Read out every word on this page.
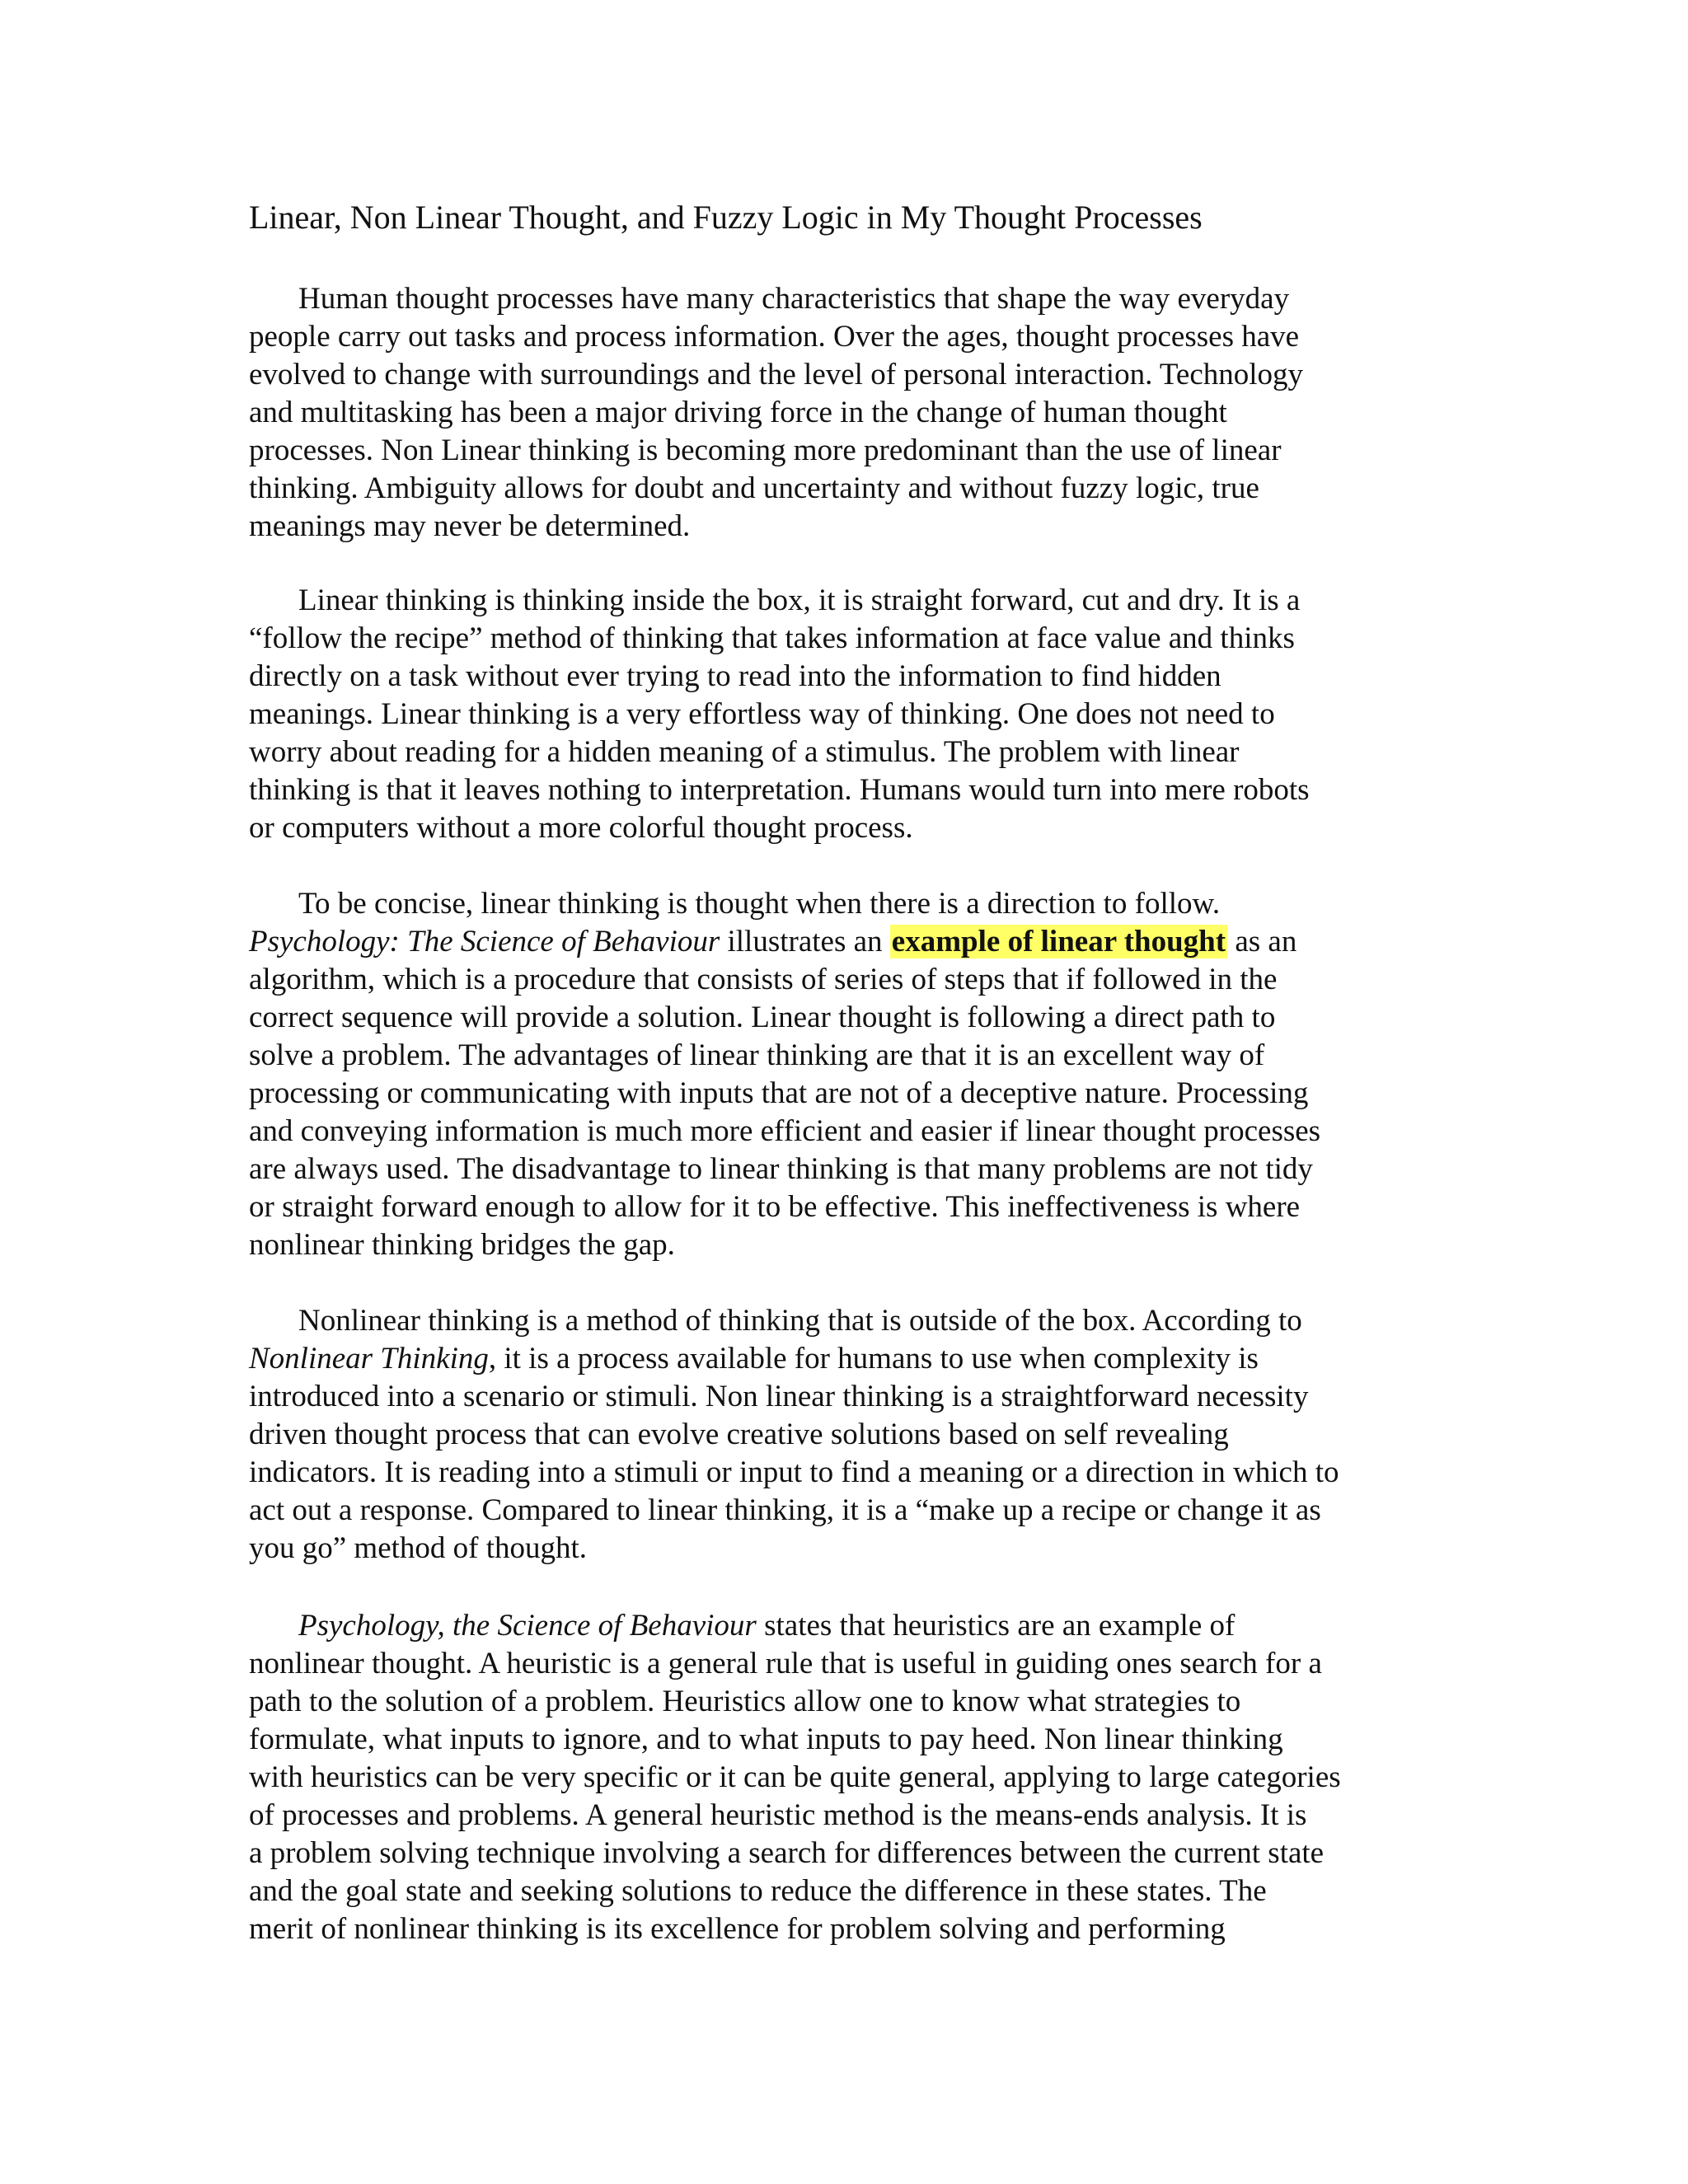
Linear, Non Linear Thought, and Fuzzy Logic in My Thought Processes
Human thought processes have many characteristics that shape the way everyday
people carry out tasks and process information. Over the ages, thought processes have
evolved to change with surroundings and the level of personal interaction. Technology
and multitasking has been a major driving force in the change of human thought
processes. Non Linear thinking is becoming more predominant than the use of linear
thinking. Ambiguity allows for doubt and uncertainty and without fuzzy logic, true
meanings may never be determined.
Linear thinking is thinking inside the box, it is straight forward, cut and dry. It is a
“follow the recipe” method of thinking that takes information at face value and thinks
directly on a task without ever trying to read into the information to find hidden
meanings. Linear thinking is a very effortless way of thinking. One does not need to
worry about reading for a hidden meaning of a stimulus. The problem with linear
thinking is that it leaves nothing to interpretation. Humans would turn into mere robots
or computers without a more colorful thought process.
To be concise, linear thinking is thought when there is a direction to follow.
Psychology: The Science of Behaviour illustrates an example of linear thought as an
algorithm, which is a procedure that consists of series of steps that if followed in the
correct sequence will provide a solution. Linear thought is following a direct path to
solve a problem. The advantages of linear thinking are that it is an excellent way of
processing or communicating with inputs that are not of a deceptive nature. Processing
and conveying information is much more efficient and easier if linear thought processes
are always used. The disadvantage to linear thinking is that many problems are not tidy
or straight forward enough to allow for it to be effective. This ineffectiveness is where
nonlinear thinking bridges the gap.
Nonlinear thinking is a method of thinking that is outside of the box. According to
Nonlinear Thinking, it is a process available for humans to use when complexity is
introduced into a scenario or stimuli. Non linear thinking is a straightforward necessity
driven thought process that can evolve creative solutions based on self revealing
indicators. It is reading into a stimuli or input to find a meaning or a direction in which to
act out a response. Compared to linear thinking, it is a “make up a recipe or change it as
you go” method of thought.
Psychology, the Science of Behaviour states that heuristics are an example of
nonlinear thought. A heuristic is a general rule that is useful in guiding ones search for a
path to the solution of a problem. Heuristics allow one to know what strategies to
formulate, what inputs to ignore, and to what inputs to pay heed. Non linear thinking
with heuristics can be very specific or it can be quite general, applying to large categories
of processes and problems. A general heuristic method is the means-ends analysis. It is
a problem solving technique involving a search for differences between the current state
and the goal state and seeking solutions to reduce the difference in these states. The
merit of nonlinear thinking is its excellence for problem solving and performing
